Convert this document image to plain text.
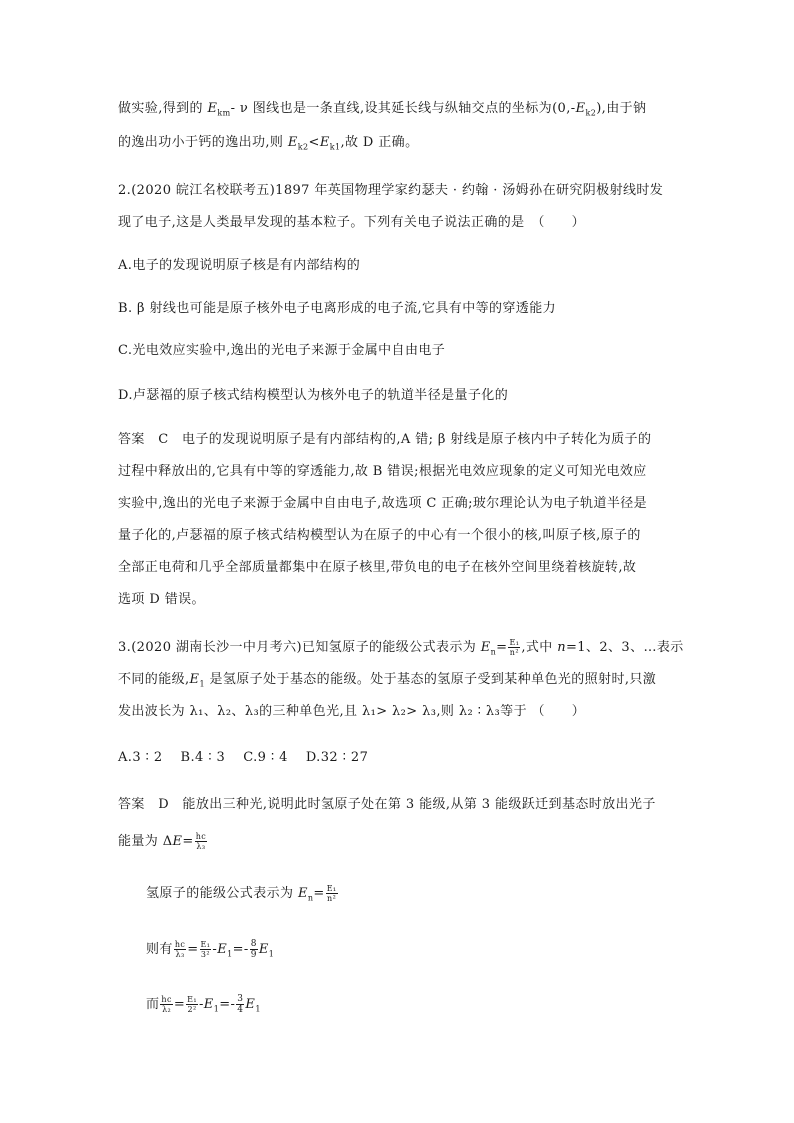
做实验,得到的 $E_{km}-$ ν 图线也是一条直线,设其延长线与纵轴交点的坐标为$(0,-E_{k2})$,由于钠
的逸出功小于钙的逸出功,则 $E_{k2}<E_{k1}$,故 D 正确。
2.(2020 皖江名校联考五)1897 年英国物理学家约瑟夫 · 约翰 · 汤姆孙在研究阴极射线时发
现了电子,这是人类最早发现的基本粒子。下列有关电子说法正确的是　（　　）
A.电子的发现说明原子核是有内部结构的
B. β 射线也可能是原子核外电子电离形成的电子流,它具有中等的穿透能力
C.光电效应实验中,逸出的光电子来源于金属中自由电子
D.卢瑟福的原子核式结构模型认为核外电子的轨道半径是量子化的
答案　C　电子的发现说明原子是有内部结构的,A 错; β 射线是原子核内中子转化为质子的
过程中释放出的,它具有中等的穿透能力,故 B 错误;根据光电效应现象的定义可知光电效应
实验中,逸出的光电子来源于金属中自由电子,故选项 C 正确;玻尔理论认为电子轨道半径是
量子化的,卢瑟福的原子核式结构模型认为在原子的中心有一个很小的核,叫原子核,原子的
全部正电荷和几乎全部质量都集中在原子核里,带负电的电子在核外空间里绕着核旋转,故
选项 D 错误。
3.(2020 湖南长沙一中月考六)已知氢原子的能级公式表示为 $E_n= \frac{\text{E₁}}{\text{n²}}$ ,式中 n=1、2、3、…表示
不同的能级$,E_1$ 是氢原子处于基态的能级。处于基态的氢原子受到某种单色光的照射时,只激
发出波长为 λ₁、λ₂、λ₃的三种单色光,且 λ₁> λ₂> λ₃,则 λ₂ ∶ λ₃等于 （　　）
A.3 ∶ 2 B.4 ∶ 3 C.9 ∶ 4 D.32 ∶ 27
答案　D　能放出三种光,说明此时氢原子处在第 3 能级,从第 3 能级跃迁到基态时放出光子
能量为 $\Delta E= \frac{hc}{\text{λ₃}}$
氢原子的能级公式表示为 $E_n= \frac{\text{E₁}}{\text{n²}}$
则有 $\frac{hc}{\text{λ₃}} = \frac{\text{E₁}}{\text{3²}} -E_1=- \frac{8}{9} E_1$
而 $\frac{hc}{\text{λ₂}} = \frac{\text{E₁}}{\text{2²}} -E_1=- \frac{3}{4} E_1$
